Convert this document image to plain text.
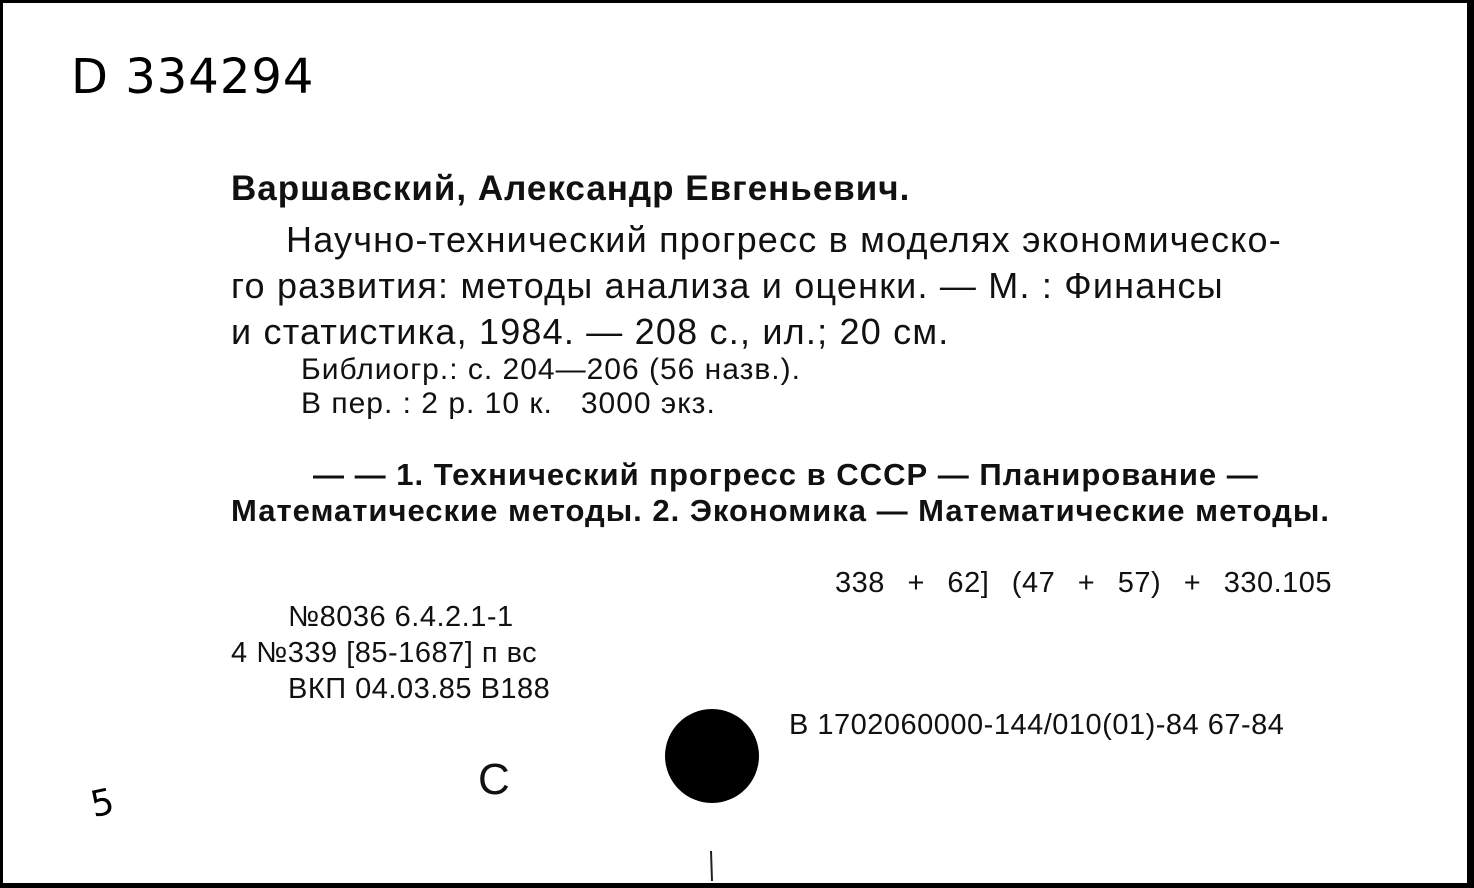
D 334294
Варшавский, Александр Евгеньевич.
Научно-технический прогресс в моделях экономическо-
го развития: методы анализа и оценки. — М. : Финансы
и статистика, 1984. — 208 с., ил.; 20 см.
Библиогр.: с. 204—206 (56 назв.).
В пер. : 2 р. 10 к.   3000 экз.
— — 1. Технический прогресс в СССР — Планирование —
Математические методы. 2. Экономика — Математические методы.
338 + 62] (47 + 57) + 330.105
№8036 6.4.2.1-1
4 №339 [85-1687] п вс
ВКП 04.03.85 В188
В 1702060000-144/010(01)-84 67-84
С
5
